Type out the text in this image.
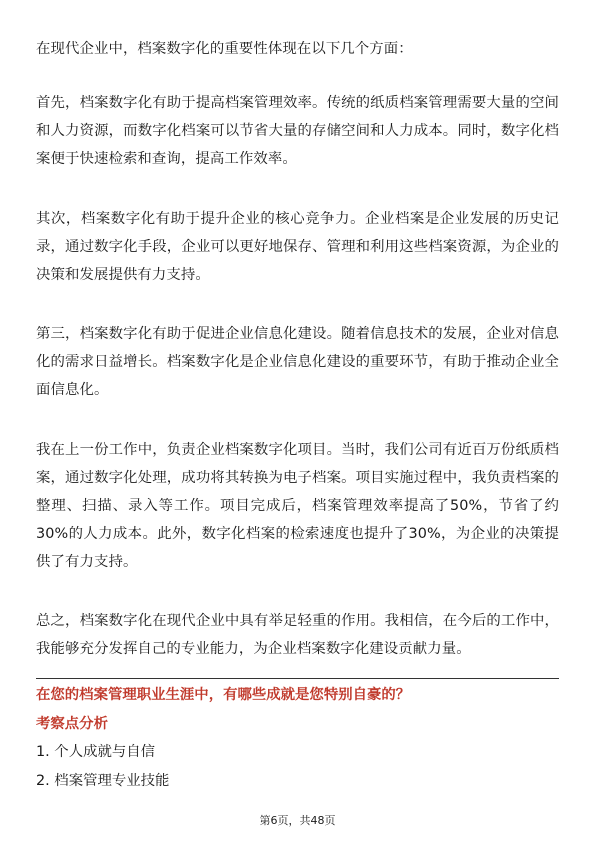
在现代企业中，档案数字化的重要性体现在以下几个方面：

首先，档案数字化有助于提高档案管理效率。传统的纸质档案管理需要大量的空间和人力资源，而数字化档案可以节省大量的存储空间和人力成本。同时，数字化档案便于快速检索和查询，提高工作效率。

其次，档案数字化有助于提升企业的核心竞争力。企业档案是企业发展的历史记录，通过数字化手段，企业可以更好地保存、管理和利用这些档案资源，为企业的决策和发展提供有力支持。

第三，档案数字化有助于促进企业信息化建设。随着信息技术的发展，企业对信息化的需求日益增长。档案数字化是企业信息化建设的重要环节，有助于推动企业全面信息化。

我在上一份工作中，负责企业档案数字化项目。当时，我们公司有近百万份纸质档案，通过数字化处理，成功将其转换为电子档案。项目实施过程中，我负责档案的整理、扫描、录入等工作。项目完成后，档案管理效率提高了50%，节省了约30%的人力成本。此外，数字化档案的检索速度也提升了30%，为企业的决策提供了有力支持。

总之，档案数字化在现代企业中具有举足轻重的作用。我相信，在今后的工作中，我能够充分发挥自己的专业能力，为企业档案数字化建设贡献力量。

在您的档案管理职业生涯中，有哪些成就是您特别自豪的？
考察点分析
1. 个人成就与自信
2. 档案管理专业技能
第6页，共48页
